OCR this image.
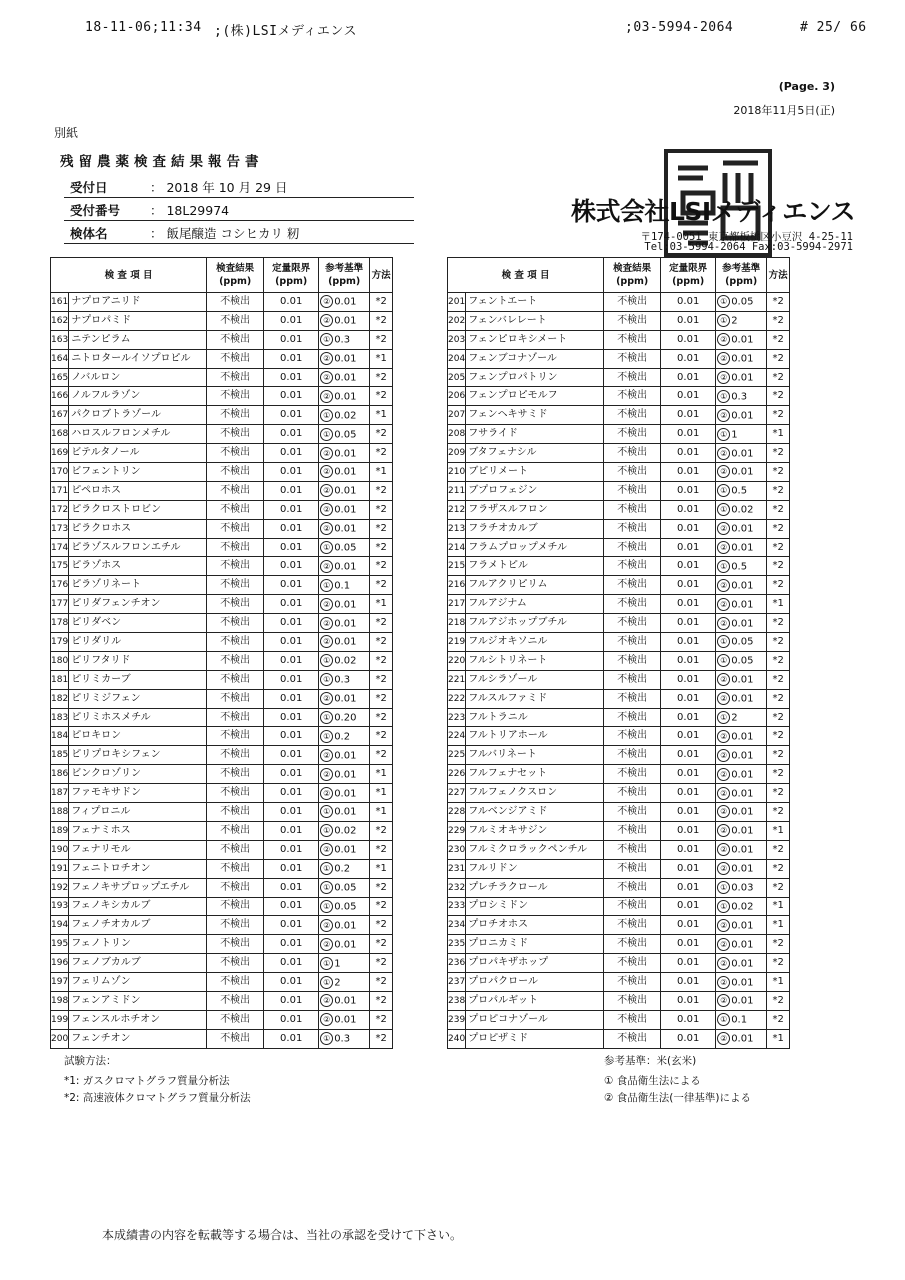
18-11-06;11:34 ;(株)LSIメディエンス	;03-5994-2064	# 25/ 66
(Page. 3)
2018年11月5日(正)
別紙
残留農薬検査結果報告書
受付日	： 2018 年 10 月 29 日
受付番号 ： 18L29974
検体名	： 飯尾醸造 コシヒカリ 籾
株式会社LSIメディエンス
〒174-0051 東京都板橋区小豆沢 4-25-11
Tel:03-5994-2064 Fax:03-5994-2971
検 査 項 目		検査結果(ppm)	定量限界(ppm)	参考基準(ppm)	方法
161	ナプロアニリド	不検出	0.01	② 0.01	*2
162	ナプロパミド	不検出	0.01	② 0.01	*2
163	ニテンピラム	不検出	0.01	① 0.3	*2
164	ニトロタールイソプロピル	不検出	0.01	② 0.01	*1
165	ノバルロン	不検出	0.01	② 0.01	*2
166	ノルフルラゾン	不検出	0.01	② 0.01	*2
167	パクロブトラゾール	不検出	0.01	① 0.02	*1
168	ハロスルフロンメチル	不検出	0.01	① 0.05	*2
169	ビテルタノール	不検出	0.01	② 0.01	*2
170	ビフェントリン	不検出	0.01	② 0.01	*1
171	ピペロホス	不検出	0.01	② 0.01	*2
172	ピラクロストロビン	不検出	0.01	② 0.01	*2
173	ピラクロホス	不検出	0.01	② 0.01	*2
174	ピラゾスルフロンエチル	不検出	0.01	① 0.05	*2
175	ピラゾホス	不検出	0.01	② 0.01	*2
176	ピラゾリネート	不検出	0.01	① 0.1	*2
177	ピリダフェンチオン	不検出	0.01	② 0.01	*1
178	ピリダベン	不検出	0.01	② 0.01	*2
179	ピリダリル	不検出	0.01	② 0.01	*2
180	ピリフタリド	不検出	0.01	① 0.02	*2
181	ピリミカーブ	不検出	0.01	① 0.3	*2
182	ピリミジフェン	不検出	0.01	② 0.01	*2
183	ピリミホスメチル	不検出	0.01	① 0.20	*2
184	ピロキロン	不検出	0.01	① 0.2	*2
185	ピリプロキシフェン	不検出	0.01	② 0.01	*2
186	ビンクロゾリン	不検出	0.01	② 0.01	*1
187	ファモキサドン	不検出	0.01	② 0.01	*1
188	フィプロニル	不検出	0.01	① 0.01	*1
189	フェナミホス	不検出	0.01	① 0.02	*2
190	フェナリモル	不検出	0.01	② 0.01	*2
191	フェニトロチオン	不検出	0.01	① 0.2	*1
192	フェノキサプロップエチル	不検出	0.01	① 0.05	*2
193	フェノキシカルブ	不検出	0.01	① 0.05	*2
194	フェノチオカルブ	不検出	0.01	② 0.01	*2
195	フェノトリン	不検出	0.01	② 0.01	*2
196	フェノブカルブ	不検出	0.01	① 1	*2
197	フェリムゾン	不検出	0.01	① 2	*2
198	フェンアミドン	不検出	0.01	② 0.01	*2
199	フェンスルホチオン	不検出	0.01	② 0.01	*2
200	フェンチオン	不検出	0.01	① 0.3	*2
検 査 項 目		検査結果(ppm)	定量限界(ppm)	参考基準(ppm)	方法
201	フェントエート	不検出	0.01	① 0.05	*2
202	フェンバレレート	不検出	0.01	① 2	*2
203	フェンピロキシメート	不検出	0.01	② 0.01	*2
204	フェンブコナゾール	不検出	0.01	② 0.01	*2
205	フェンプロパトリン	不検出	0.01	② 0.01	*2
206	フェンプロピモルフ	不検出	0.01	① 0.3	*2
207	フェンヘキサミド	不検出	0.01	② 0.01	*2
208	フサライド	不検出	0.01	① 1	*1
209	ブタフェナシル	不検出	0.01	② 0.01	*2
210	ブピリメート	不検出	0.01	② 0.01	*2
211	ブプロフェジン	不検出	0.01	① 0.5	*2
212	フラザスルフロン	不検出	0.01	① 0.02	*2
213	フラチオカルブ	不検出	0.01	② 0.01	*2
214	フラムプロップメチル	不検出	0.01	② 0.01	*2
215	フラメトピル	不検出	0.01	① 0.5	*2
216	フルアクリピリム	不検出	0.01	② 0.01	*2
217	フルアジナム	不検出	0.01	② 0.01	*1
218	フルアジホップブチル	不検出	0.01	② 0.01	*2
219	フルジオキソニル	不検出	0.01	① 0.05	*2
220	フルシトリネート	不検出	0.01	① 0.05	*2
221	フルシラゾール	不検出	0.01	② 0.01	*2
222	フルスルファミド	不検出	0.01	② 0.01	*2
223	フルトラニル	不検出	0.01	① 2	*2
224	フルトリアホール	不検出	0.01	② 0.01	*2
225	フルバリネート	不検出	0.01	② 0.01	*2
226	フルフェナセット	不検出	0.01	② 0.01	*2
227	フルフェノクスロン	不検出	0.01	② 0.01	*2
228	フルベンジアミド	不検出	0.01	② 0.01	*2
229	フルミオキサジン	不検出	0.01	② 0.01	*1
230	フルミクロラックペンチル	不検出	0.01	② 0.01	*2
231	フルリドン	不検出	0.01	② 0.01	*2
232	プレチラクロール	不検出	0.01	① 0.03	*2
233	プロシミドン	不検出	0.01	① 0.02	*1
234	プロチオホス	不検出	0.01	② 0.01	*1
235	プロニカミド	不検出	0.01	② 0.01	*2
236	プロパキザホップ	不検出	0.01	② 0.01	*2
237	プロパクロール	不検出	0.01	② 0.01	*1
238	プロパルギット	不検出	0.01	② 0.01	*2
239	プロピコナゾール	不検出	0.01	① 0.1	*2
240	プロピザミド	不検出	0.01	② 0.01	*1
試験方法：
*1: ガスクロマトグラフ質量分析法
*2: 高速液体クロマトグラフ質量分析法
参考基準：米(玄米)
① 食品衛生法による
② 食品衛生法(一律基準)による
本成績書の内容を転載等する場合は、当社の承認を受けて下さい。
